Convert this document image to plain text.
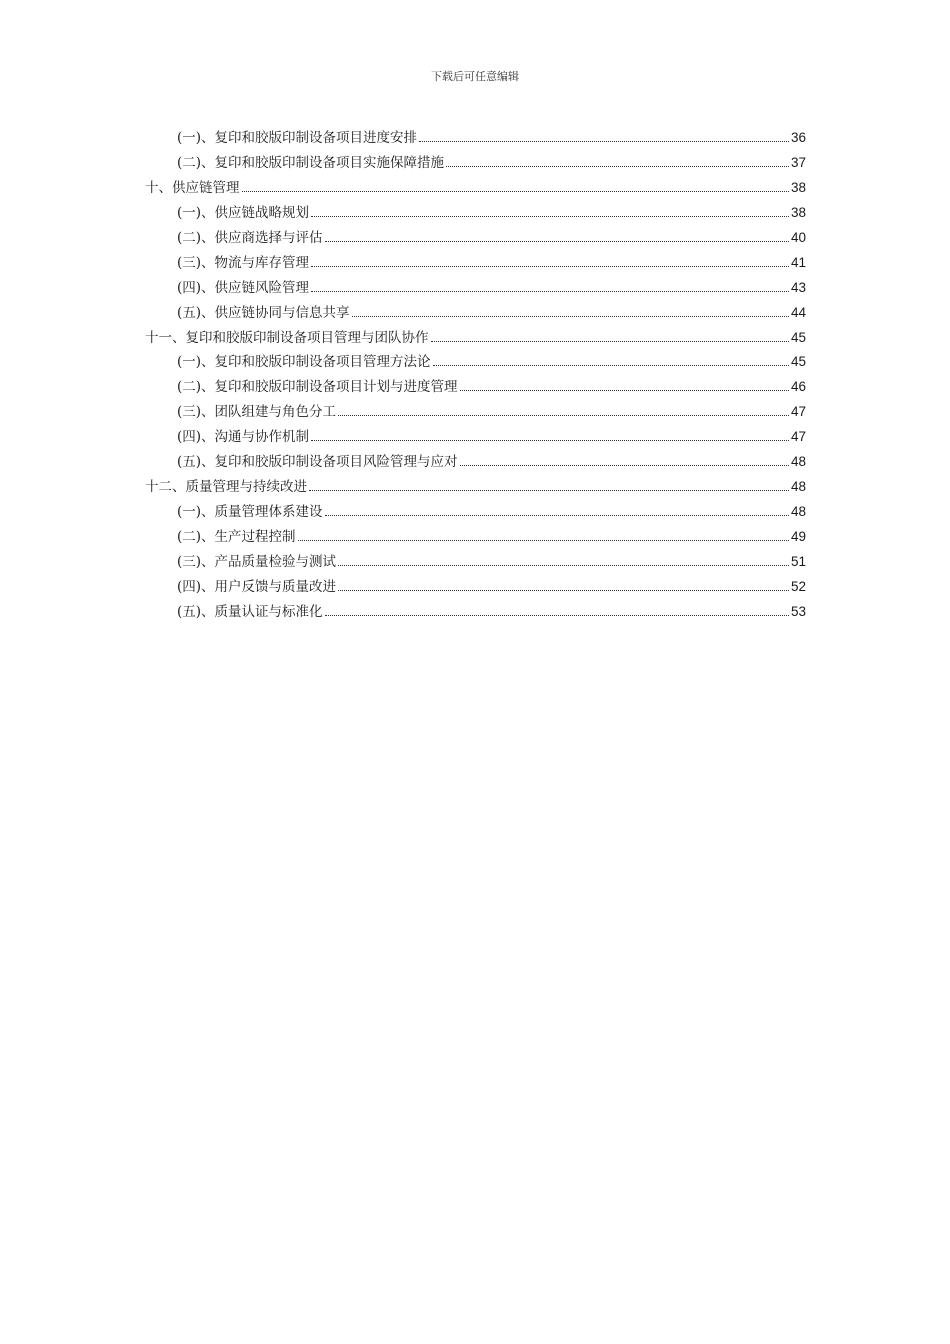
下载后可任意编辑
(一)、复印和胶版印制设备项目进度安排	36
(二)、复印和胶版印制设备项目实施保障措施	37
十、供应链管理	38
(一)、供应链战略规划	38
(二)、供应商选择与评估	40
(三)、物流与库存管理	41
(四)、供应链风险管理	43
(五)、供应链协同与信息共享	44
十一、复印和胶版印制设备项目管理与团队协作	45
(一)、复印和胶版印制设备项目管理方法论	45
(二)、复印和胶版印制设备项目计划与进度管理	46
(三)、团队组建与角色分工	47
(四)、沟通与协作机制	47
(五)、复印和胶版印制设备项目风险管理与应对	48
十二、质量管理与持续改进	48
(一)、质量管理体系建设	48
(二)、生产过程控制	49
(三)、产品质量检验与测试	51
(四)、用户反馈与质量改进	52
(五)、质量认证与标准化	53
